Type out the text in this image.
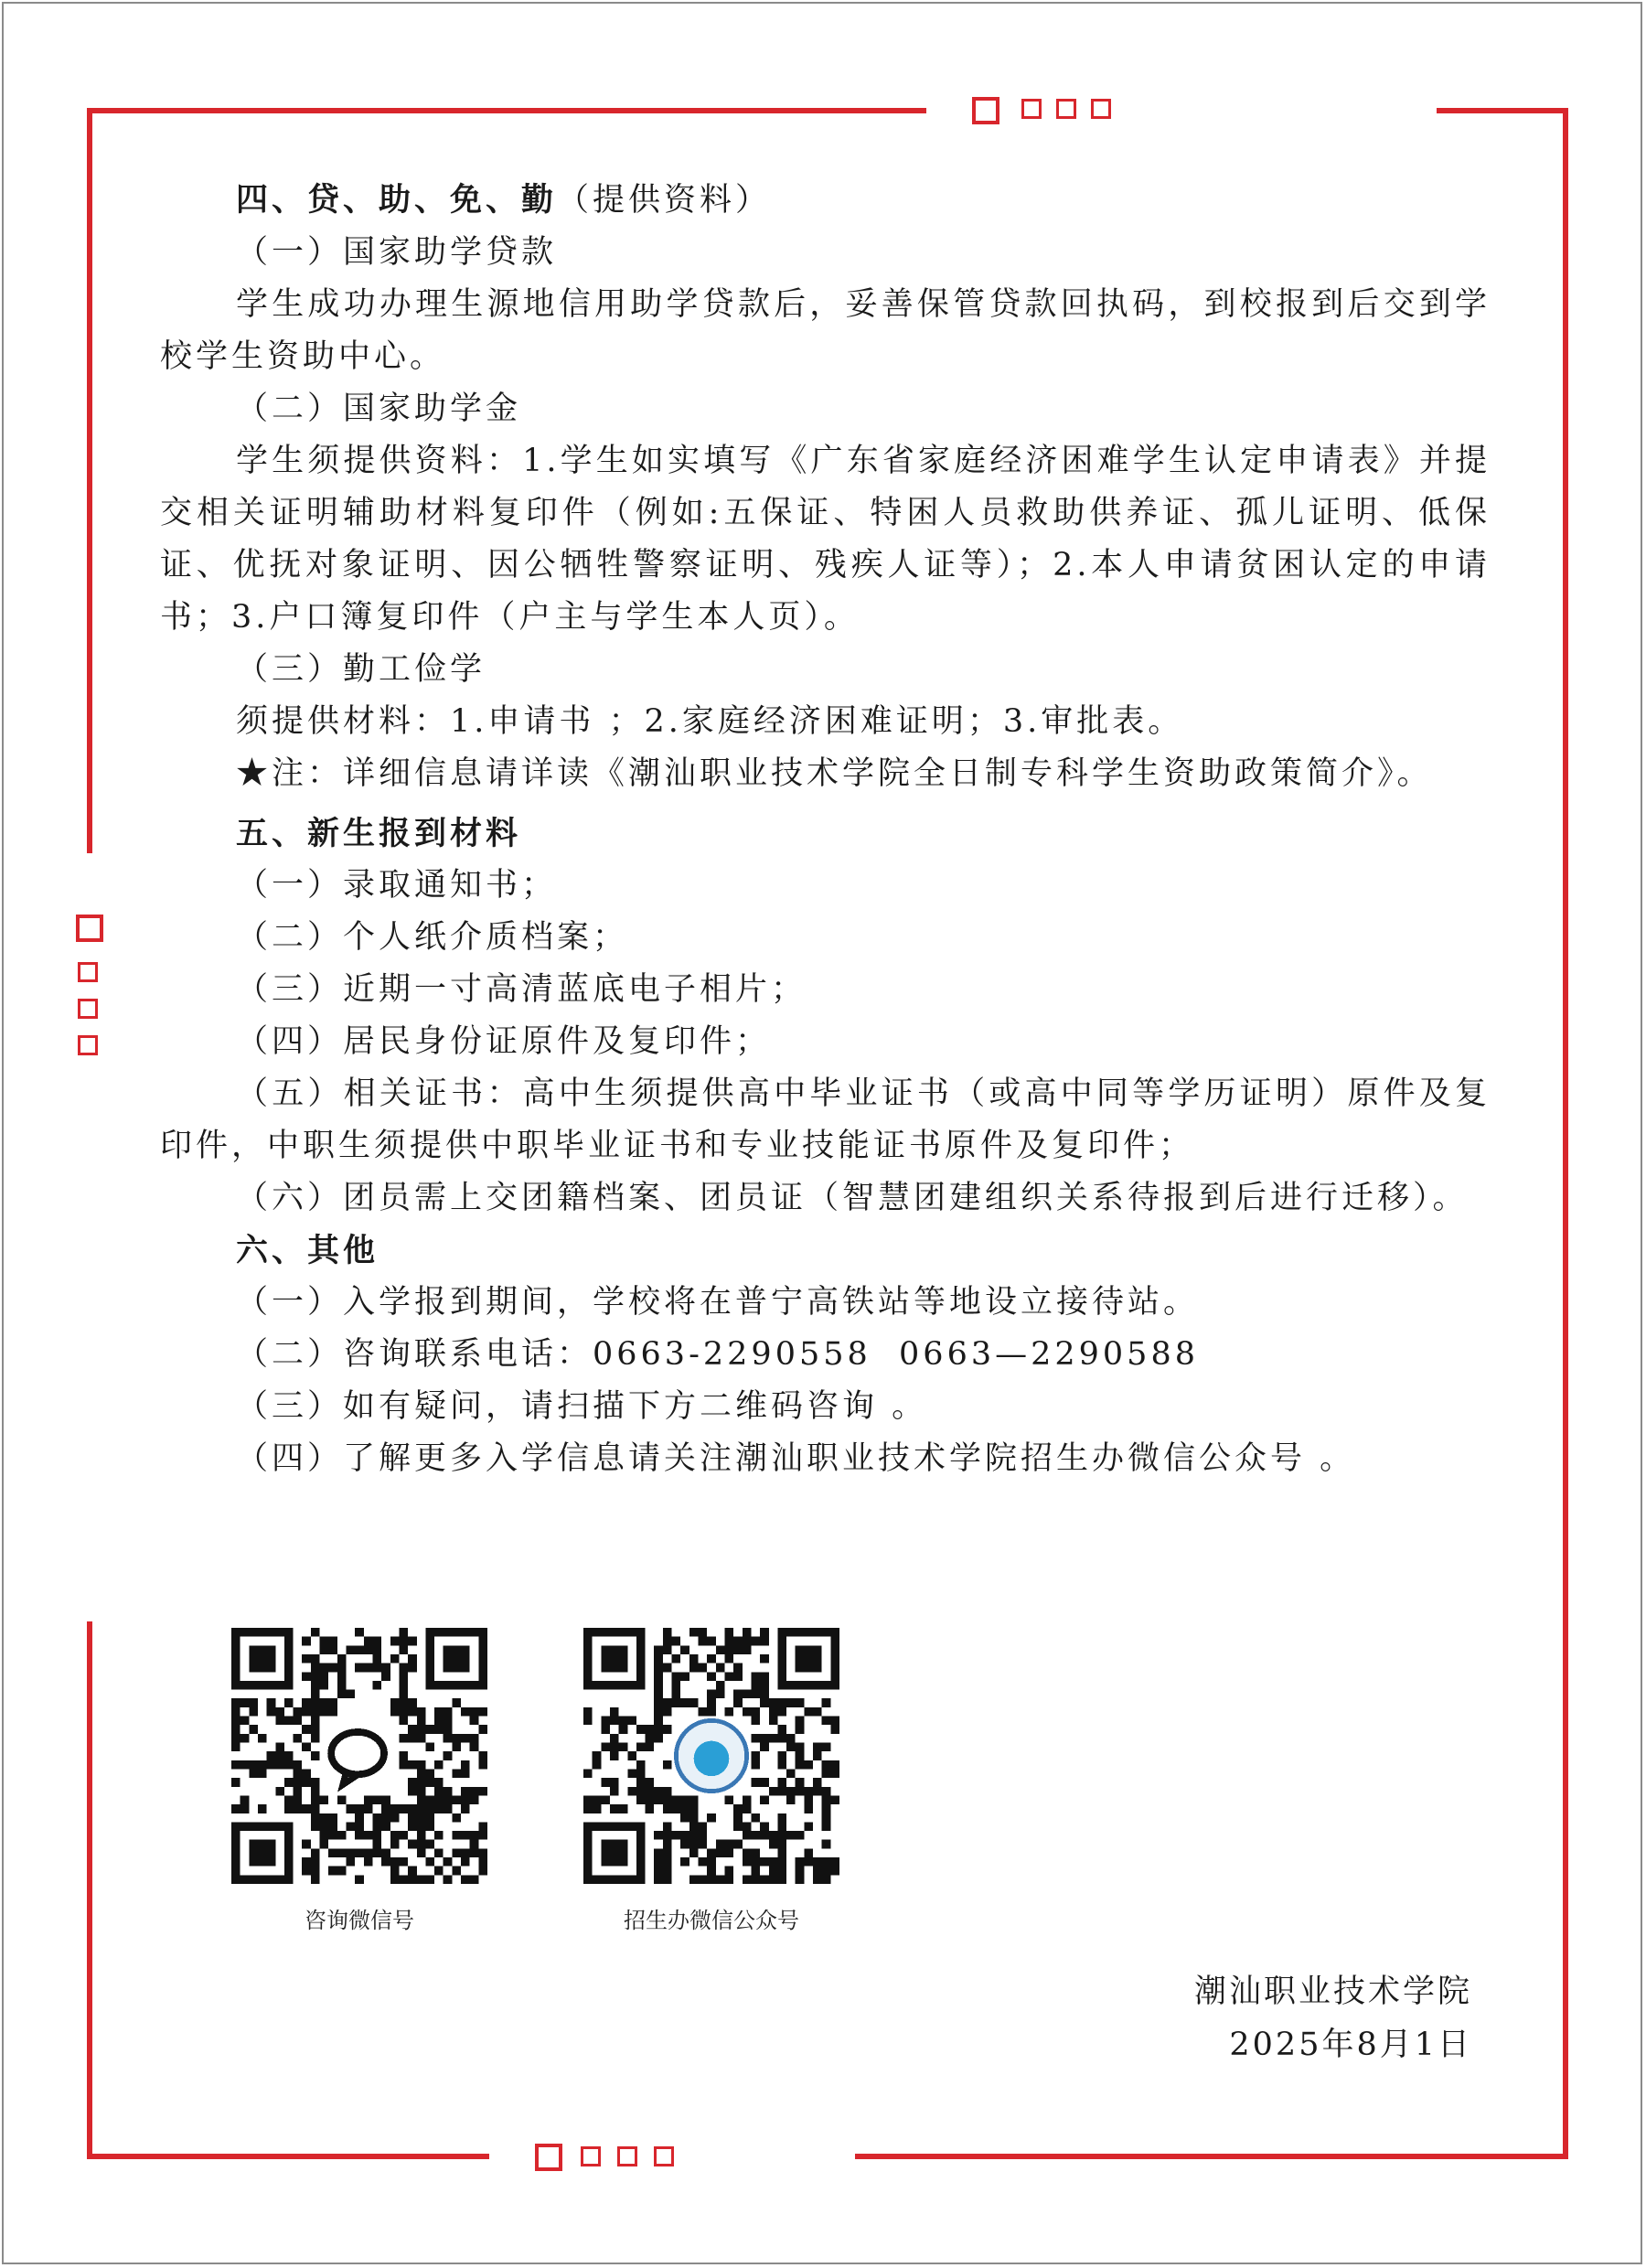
四、贷、助、免、勤（提供资料）

（一）国家助学贷款

学生成功办理生源地信用助学贷款后，妥善保管贷款回执码，到校报到后交到学校学生资助中心。

（二）国家助学金

学生须提供资料：1.学生如实填写《广东省家庭经济困难学生认定申请表》并提交相关证明辅助材料复印件（例如:五保证、特困人员救助供养证、孤儿证明、低保证、优抚对象证明、因公牺牲警察证明、残疾人证等）；2.本人申请贫困认定的申请书；3.户口簿复印件（户主与学生本人页）。

（三）勤工俭学

须提供材料：1.申请书 ；2.家庭经济困难证明；3.审批表。

★注：详细信息请详读《潮汕职业技术学院全日制专科学生资助政策简介》。

五、新生报到材料

（一）录取通知书；

（二）个人纸介质档案；

（三）近期一寸高清蓝底电子相片；

（四）居民身份证原件及复印件；

（五）相关证书：高中生须提供高中毕业证书（或高中同等学历证明）原件及复印件，中职生须提供中职毕业证书和专业技能证书原件及复印件；

（六）团员需上交团籍档案、团员证（智慧团建组织关系待报到后进行迁移）。

六、其他

（一）入学报到期间，学校将在普宁高铁站等地设立接待站。

（二）咨询联系电话：0663-2290558  0663—2290588

（三）如有疑问，请扫描下方二维码咨询 。

（四）了解更多入学信息请关注潮汕职业技术学院招生办微信公众号 。

咨询微信号	招生办微信公众号
潮汕职业技术学院
2025年8月1日
